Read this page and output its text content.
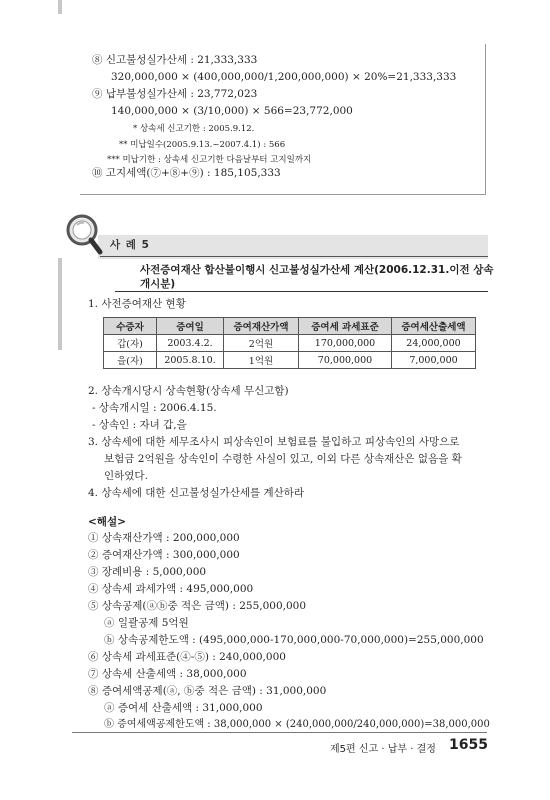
⑧ 신고불성실가산세 : 21,333,333
320,000,000 × (400,000,000/1,200,000,000) × 20%=21,333,333
⑨ 납부불성실가산세 : 23,772,023
140,000,000 × (3/10,000) × 566=23,772,000
* 상속세 신고기한 : 2005.9.12.
** 미납일수(2005.9.13.~2007.4.1) : 566
*** 미납기한 : 상속세 신고기한 다음날부터 고지일까지
⑩ 고지세액(⑦+⑧+⑨) : 185,105,333
사 례 5
사전증여재산 합산불이행시 신고불성실가산세 계산(2006.12.31.이전 상속
개시분)
1. 사전증여재산 현황
수증자	증여일	증여재산가액	증여세 과세표준	증여세산출세액
갑(자)	2003.4.2.	2억원	170,000,000	24,000,000
을(자)	2005.8.10.	1억원	70,000,000	7,000,000
2. 상속개시당시 상속현황(상속세 무신고함)
- 상속개시일 : 2006.4.15.
- 상속인 : 자녀 갑,을
3. 상속세에 대한 세무조사시 피상속인이 보험료를 불입하고 피상속인의 사망으로
보험금 2억원을 상속인이 수령한 사실이 있고, 이외 다른 상속재산은 없음을 확
인하였다.
4. 상속세에 대한 신고불성실가산세를 계산하라
<해설>
① 상속재산가액 : 200,000,000
② 증여재산가액 : 300,000,000
③ 장례비용 : 5,000,000
④ 상속세 과세가액 : 495,000,000
⑤ 상속공제(ⓐⓑ중 적은 금액) : 255,000,000
ⓐ 일괄공제 5억원
ⓑ 상속공제한도액 : (495,000,000-170,000,000-70,000,000)=255,000,000
⑥ 상속세 과세표준(④-⑤) : 240,000,000
⑦ 상속세 산출세액 : 38,000,000
⑧ 증여세액공제(ⓐ, ⓑ중 적은 금액) : 31,000,000
ⓐ 증여세 산출세액 : 31,000,000
ⓑ 증여세액공제한도액 : 38,000,000 × (240,000,000/240,000,000)=38,000,000
제5편 신고 · 납부 · 결정 1655
